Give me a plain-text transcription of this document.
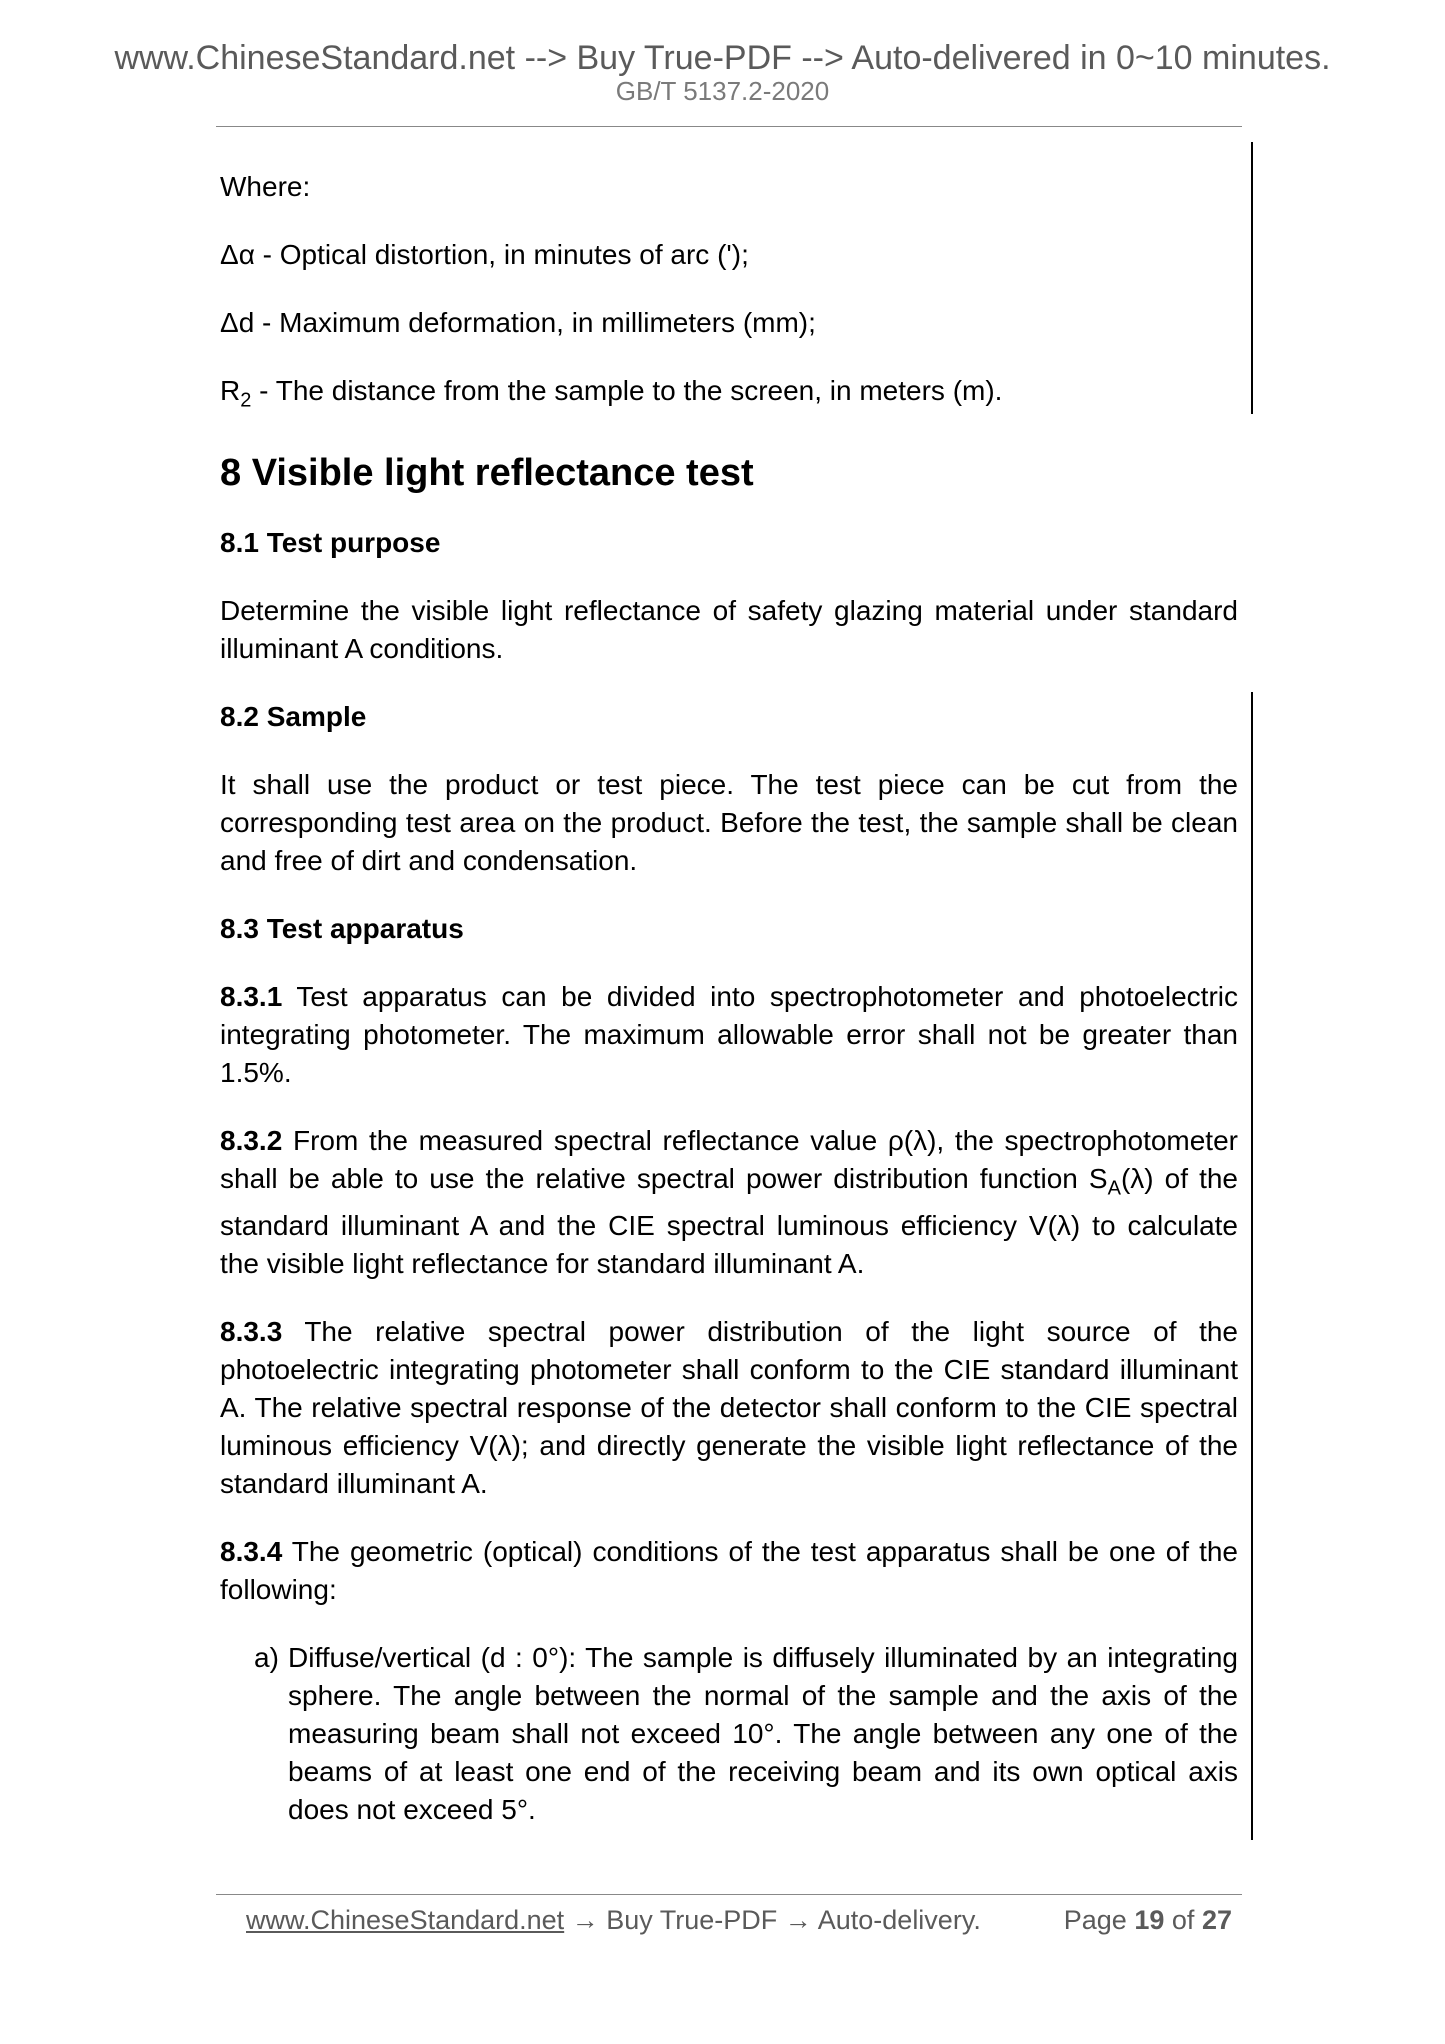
www.ChineseStandard.net --> Buy True-PDF --> Auto-delivered in 0~10 minutes.
GB/T 5137.2-2020

Where:

Δα - Optical distortion, in minutes of arc (');

Δd - Maximum deformation, in millimeters (mm);

$R_2$ - The distance from the sample to the screen, in meters (m).

8 Visible light reflectance test

8.1 Test purpose

Determine the visible light reflectance of safety glazing material under standard illuminant A conditions.

8.2 Sample

It shall use the product or test piece. The test piece can be cut from the corresponding test area on the product. Before the test, the sample shall be clean and free of dirt and condensation.

8.3 Test apparatus

8.3.1 Test apparatus can be divided into spectrophotometer and photoelectric integrating photometer. The maximum allowable error shall not be greater than 1.5%.

8.3.2 From the measured spectral reflectance value ρ(λ), the spectrophotometer shall be able to use the relative spectral power distribution function $S_A(\lambda)$ of the standard illuminant A and the CIE spectral luminous efficiency V(λ) to calculate the visible light reflectance for standard illuminant A.

8.3.3 The relative spectral power distribution of the light source of the photoelectric integrating photometer shall conform to the CIE standard illuminant A. The relative spectral response of the detector shall conform to the CIE spectral luminous efficiency V(λ); and directly generate the visible light reflectance of the standard illuminant A.

8.3.4 The geometric (optical) conditions of the test apparatus shall be one of the following:

a) Diffuse/vertical (d : 0°): The sample is diffusely illuminated by an integrating sphere. The angle between the normal of the sample and the axis of the measuring beam shall not exceed 10°. The angle between any one of the beams of at least one end of the receiving beam and its own optical axis does not exceed 5°.

www.ChineseStandard.net → Buy True-PDF → Auto-delivery.	Page 19 of 27
